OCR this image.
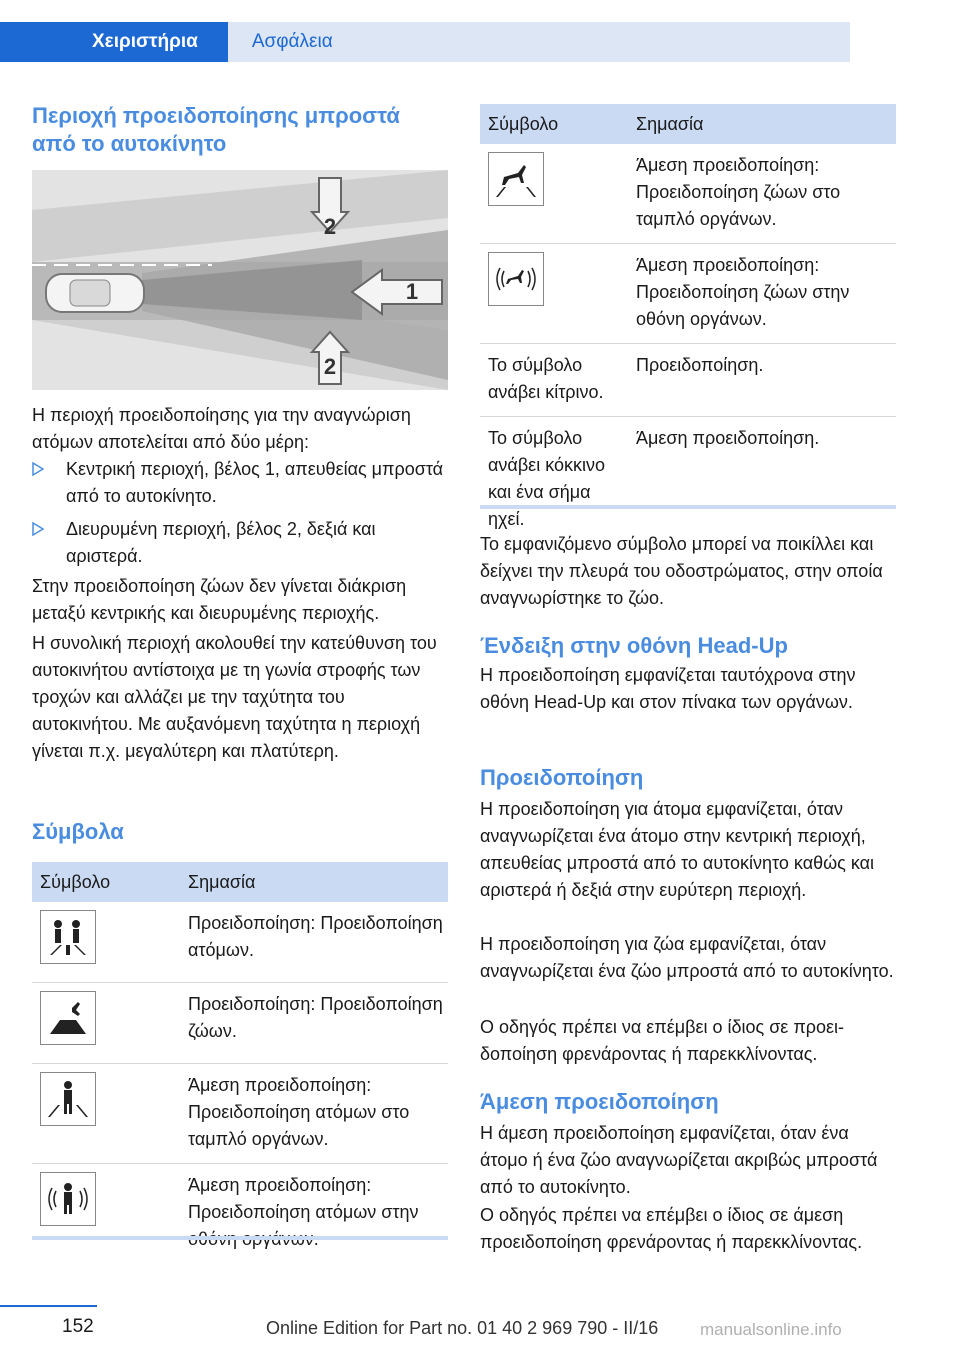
Χειριστήρια	Ασφάλεια
Περιοχή προειδοποίησης μπροστά από το αυτοκίνητο
2
1
2
Η περιοχή προειδοποίησης για την αναγνώριση ατόμων αποτελείται από δύο μέρη:
Κεντρική περιοχή, βέλος 1, απευθείας μπροστά από το αυτοκίνητο.
Διευρυμένη περιοχή, βέλος 2, δεξιά και αριστερά.
Στην προειδοποίηση ζώων δεν γίνεται διάκριση μεταξύ κεντρικής και διευρυμένης περιοχής.
Η συνολική περιοχή ακολουθεί την κατεύθυνση του αυτοκινήτου αντίστοιχα με τη γωνία στροφής των τροχών και αλλάζει με την ταχύτητα του αυτοκινήτου. Με αυξανόμενη ταχύτητα η περιοχή γίνεται π.χ. μεγαλύτερη και πλατύτερη.
Σύμβολα
Σύμβολο	Σημασία

	Προειδοποίηση: Προειδοποίηση ατόμων.

	Προειδοποίηση: Προειδοποίηση ζώων.

	Άμεση προειδοποίηση: Προειδοποίηση ατόμων στο ταμπλό οργάνων.

	Άμεση προειδοποίηση: Προειδοποίηση ατόμων στην
Σύμβολο	Σημασία

	Άμεση προειδοποίηση: Προειδοποίηση ζώων στο ταμπλό οργάνων.

	Άμεση προειδοποίηση: Προειδοποίηση ζώων στην οθόνη οργάνων.
Το σύμβολο ανάβει κίτρινο.	Προειδοποίηση.
Το σύμβολο ανάβει κόκκινο και ένα σήμα ηχεί.	Άμεση προειδοποίηση.
Το εμφανιζόμενο σύμβολο μπορεί να ποικίλλει και δείχνει την πλευρά του οδοστρώματος, στην οποία αναγνωρίστηκε το ζώο.
Ένδειξη στην οθόνη Head-Up
Η προειδοποίηση εμφανίζεται ταυτόχρονα στην οθόνη Head-Up και στον πίνακα των οργάνων.
Προειδοποίηση
Η προειδοποίηση για άτομα εμφανίζεται, όταν αναγνωρίζεται ένα άτομο στην κεντρική περιοχή, απευθείας μπροστά από το αυτοκίνητο καθώς και αριστερά ή δεξιά στην ευρύτερη περιοχή.
Η προειδοποίηση για ζώα εμφανίζεται, όταν αναγνωρίζεται ένα ζώο μπροστά από το αυτοκίνητο.
Ο οδηγός πρέπει να επέμβει ο ίδιος σε προειδοποίηση φρενάροντας ή παρεκκλίνοντας.
Άμεση προειδοποίηση
Η άμεση προειδοποίηση εμφανίζεται, όταν ένα άτομο ή ένα ζώο αναγνωρίζεται ακριβώς μπροστά από το αυτοκίνητο.
Ο οδηγός πρέπει να επέμβει ο ίδιος σε άμεση προειδοποίηση φρενάροντας ή παρεκκλίνοντας.
152	Online Edition for Part no. 01 40 2 969 790 - II/16 manualsonline.info
